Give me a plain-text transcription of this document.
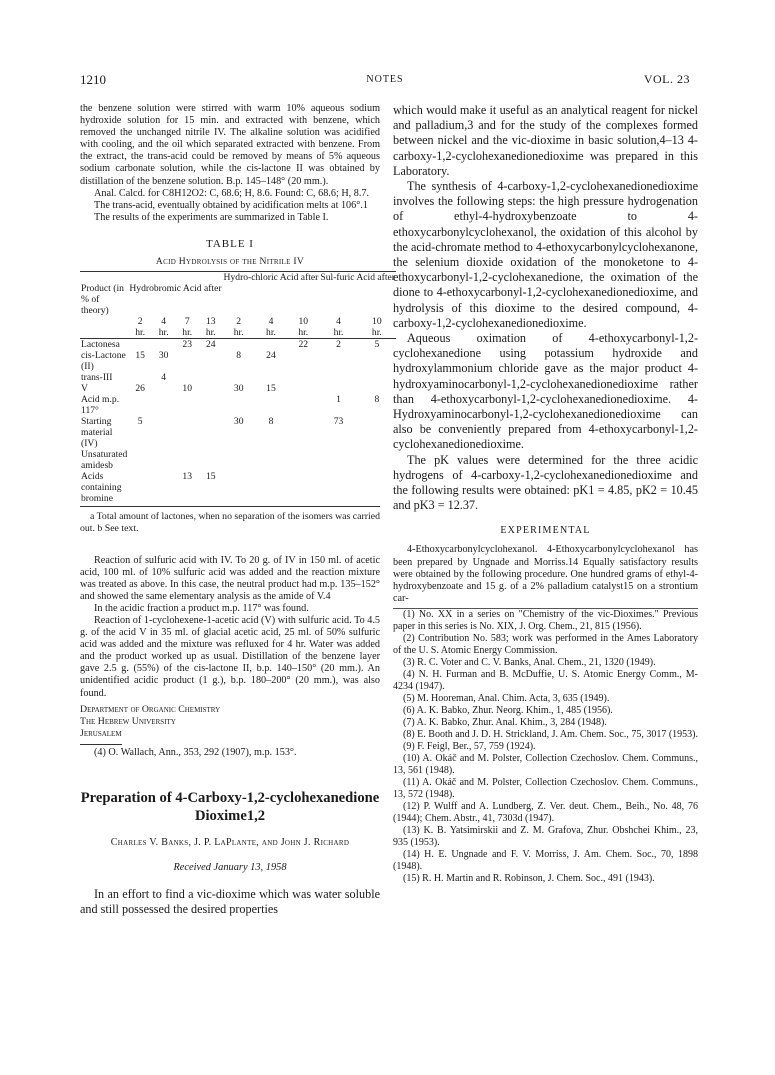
1210	NOTES	VOL. 23

the benzene solution were stirred with warm 10% aqueous sodium hydroxide solution for 15 min. and extracted with benzene, which removed the unchanged nitrile IV. The alkaline solution was acidified with cooling, and the oil which separated extracted with benzene. From the extract, the trans-acid could be removed by means of 5% aqueous sodium carbonate solution, while the cis-lactone II was obtained by distillation of the benzene solution. B.p. 145–148° (20 mm.).

Anal. Calcd. for C8H12O2: C, 68.6; H, 8.6. Found: C, 68.6; H, 8.7.

The trans-acid, eventually obtained by acidification melts at 106°.1

The results of the experiments are summarized in Table I.

TABLE I

Acid Hydrolysis of the Nitrile IV

					Hydro-chloric Acid after			Sul-furic Acid after	
Product (in % of theory)	Hydrobromic Acid after								
	2	4	7	13	2	4	10	4	10
	hr.	hr.	hr.	hr.	hr.	hr.	hr.	hr.	hr.
Lactonesa			23	24			22	2	5
cis-Lactone (II)	15	30			8	24			
trans-III		4							
V	26		10		30	15			
Acid m.p. 117°								1	8
Starting material (IV)	5				30	8		73	
Unsaturated amidesb									
Acids containing bromine			13	15					

a Total amount of lactones, when no separation of the isomers was carried out. b See text.

Reaction of sulfuric acid with IV. To 20 g. of IV in 150 ml. of acetic acid, 100 ml. of 10% sulfuric acid was added and the reaction mixture was treated as above. In this case, the neutral product had m.p. 135–152° and showed the same elementary analysis as the amide of V.4

In the acidic fraction a product m.p. 117° was found.

Reaction of 1-cyclohexene-1-acetic acid (V) with sulfuric acid. To 4.5 g. of the acid V in 35 ml. of glacial acetic acid, 25 ml. of 50% sulfuric acid was added and the mixture was refluxed for 4 hr. Water was added and the product worked up as usual. Distillation of the benzene layer gave 2.5 g. (55%) of the cis-lactone II, b.p. 140–150° (20 mm.). An unidentified acidic product (1 g.), b.p. 180–200° (20 mm.), was also found.

Department of Organic Chemistry
The Hebrew University
Jerusalem

(4) O. Wallach, Ann., 353, 292 (1907), m.p. 153°.

Preparation of 4-Carboxy-1,2-cyclohexanedione Dioxime1,2

Charles V. Banks, J. P. LaPlante, and John J. Richard

Received January 13, 1958

In an effort to find a vic-dioxime which was water soluble and still possessed the desired properties

which would make it useful as an analytical reagent for nickel and palladium,3 and for the study of the complexes formed between nickel and the vic-dioxime in basic solution,4–13 4-carboxy-1,2-cyclohexanedionedioxime was prepared in this Laboratory.

The synthesis of 4-carboxy-1,2-cyclohexanedionedioxime involves the following steps: the high pressure hydrogenation of ethyl-4-hydroxybenzoate to 4-ethoxycarbonylcyclohexanol, the oxidation of this alcohol by the acid-chromate method to 4-ethoxycarbonylcyclohexanone, the selenium dioxide oxidation of the monoketone to 4-ethoxycarbonyl-1,2-cyclohexanedione, the oximation of the dione to 4-ethoxycarbonyl-1,2-cyclohexanedionedioxime, and hydrolysis of this dioxime to the desired compound, 4-carboxy-1,2-cyclohexanedionedioxime.

Aqueous oximation of 4-ethoxycarbonyl-1,2-cyclohexanedione using potassium hydroxide and hydroxylammonium chloride gave as the major product 4-hydroxyaminocarbonyl-1,2-cyclohexanedionedioxime rather than 4-ethoxycarbonyl-1,2-cyclohexanedionedioxime. 4-Hydroxyaminocarbonyl-1,2-cyclohexanedionedioxime can also be conveniently prepared from 4-ethoxycarbonyl-1,2-cyclohexanedionedioxime.

The pK values were determined for the three acidic hydrogens of 4-carboxy-1,2-cyclohexanedionedioxime and the following results were obtained: pK1 = 4.85, pK2 = 10.45 and pK3 = 12.37.

EXPERIMENTAL

4-Ethoxycarbonylcyclohexanol. 4-Ethoxycarbonylcyclohexanol has been prepared by Ungnade and Morriss.14 Equally satisfactory results were obtained by the following procedure. One hundred grams of ethyl-4-hydroxybenzoate and 15 g. of a 2% palladium catalyst15 on a strontium car-

(1) No. XX in a series on "Chemistry of the vic-Dioximes." Previous paper in this series is No. XIX, J. Org. Chem., 21, 815 (1956).

(2) Contribution No. 583; work was performed in the Ames Laboratory of the U. S. Atomic Energy Commission.

(3) R. C. Voter and C. V. Banks, Anal. Chem., 21, 1320 (1949).

(4) N. H. Furman and B. McDuffie, U. S. Atomic Energy Comm., M-4234 (1947).

(5) M. Hooreman, Anal. Chim. Acta, 3, 635 (1949).

(6) A. K. Babko, Zhur. Neorg. Khim., 1, 485 (1956).

(7) A. K. Babko, Zhur. Anal. Khim., 3, 284 (1948).

(8) E. Booth and J. D. H. Strickland, J. Am. Chem. Soc., 75, 3017 (1953).

(9) F. Feigl, Ber., 57, 759 (1924).

(10) A. Okáč and M. Polster, Collection Czechoslov. Chem. Communs., 13, 561 (1948).

(11) A. Okáč and M. Polster, Collection Czechoslov. Chem. Communs., 13, 572 (1948).

(12) P. Wulff and A. Lundberg, Z. Ver. deut. Chem., Beih., No. 48, 76 (1944); Chem. Abstr., 41, 7303d (1947).

(13) K. B. Yatsimirskii and Z. M. Grafova, Zhur. Obshchei Khim., 23, 935 (1953).

(14) H. E. Ungnade and F. V. Morriss, J. Am. Chem. Soc., 70, 1898 (1948).

(15) R. H. Martin and R. Robinson, J. Chem. Soc., 491 (1943).
